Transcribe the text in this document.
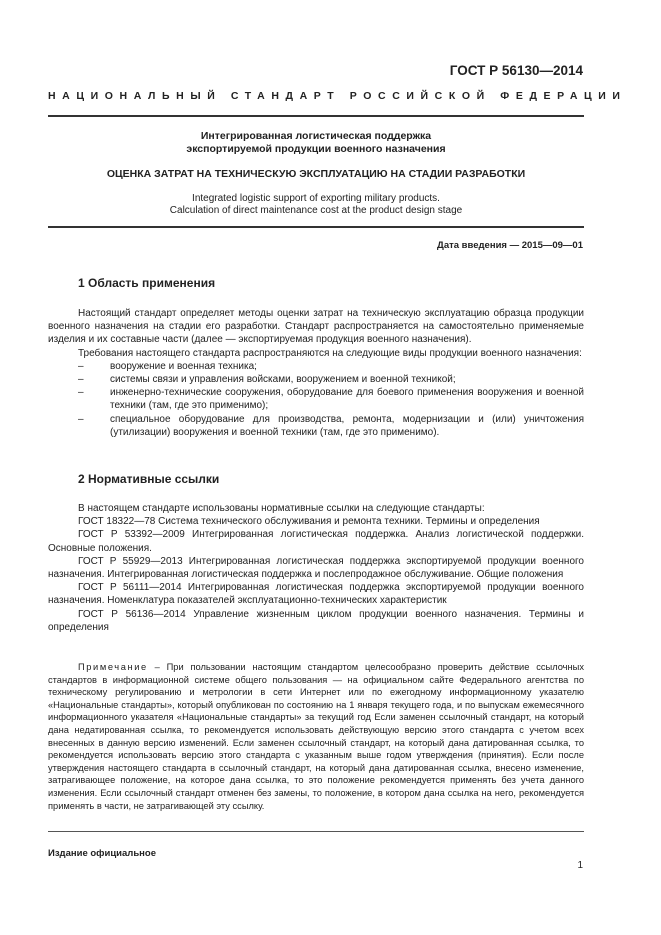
ГОСТ Р 56130—2014
НАЦИОНАЛЬНЫЙ СТАНДАРТ РОССИЙСКОЙ ФЕДЕРАЦИИ
Интегрированная логистическая поддержка
экспортируемой продукции военного назначения
ОЦЕНКА ЗАТРАТ НА ТЕХНИЧЕСКУЮ ЭКСПЛУАТАЦИЮ НА СТАДИИ РАЗРАБОТКИ
Integrated logistic support of exporting military products.
Calculation of direct maintenance cost at the product design stage
Дата введения — 2015—09—01
1 Область применения

Настоящий стандарт определяет методы оценки затрат на техническую эксплуатацию образца продукции военного назначения на стадии его разработки. Стандарт распространяется на самостоятельно применяемые изделия и их составные части (далее — экспортируемая продукция военного назначения).

Требования настоящего стандарта распространяются на следующие виды продукции военного назначения:

–	вооружение и военная техника;

–	системы связи и управления войсками, вооружением и военной техникой;

–	инженерно-технические сооружения, оборудование для боевого применения вооружения и военной техники (там, где это применимо);

–	специальное оборудование для производства, ремонта, модернизации и (или) уничтожения (утилизации) вооружения и военной техники (там, где это применимо).

2 Нормативные ссылки

В настоящем стандарте использованы нормативные ссылки на следующие стандарты:

ГОСТ 18322—78 Система технического обслуживания и ремонта техники. Термины и определения

ГОСТ Р 53392—2009 Интегрированная логистическая поддержка. Анализ логистической поддержки. Основные положения.

ГОСТ Р 55929—2013 Интегрированная логистическая поддержка экспортируемой продукции военного назначения. Интегрированная логистическая поддержка и послепродажное обслуживание. Общие положения

ГОСТ Р 56111—2014 Интегрированная логистическая поддержка экспортируемой продукции военного назначения. Номенклатура показателей эксплуатационно-технических характеристик

ГОСТ Р 56136—2014 Управление жизненным циклом продукции военного назначения. Термины и определения

Примечание – При пользовании настоящим стандартом целесообразно проверить действие ссылочных стандартов в информационной системе общего пользования — на официальном сайте Федерального агентства по техническому регулированию и метрологии в сети Интернет или по ежегодному информационному указателю «Национальные стандарты», который опубликован по состоянию на 1 января текущего года, и по выпускам ежемесячного информационного указателя «Национальные стандарты» за текущий год Если заменен ссылочный стандарт, на который дана недатированная ссылка, то рекомендуется использовать действующую версию этого стандарта с учетом всех внесенных в данную версию изменений. Если заменен ссылочный стандарт, на который дана датированная ссылка, то рекомендуется использовать версию этого стандарта с указанным выше годом утверждения (принятия). Если после утверждения настоящего стандарта в ссылочный стандарт, на который дана датированная ссылка, внесено изменение, затрагивающее положение, на которое дана ссылка, то это положение рекомендуется применять без учета данного изменения. Если ссылочный стандарт отменен без замены, то положение, в котором дана ссылка на него, рекомендуется применять в части, не затрагивающей эту ссылку.

Издание официальное
1
